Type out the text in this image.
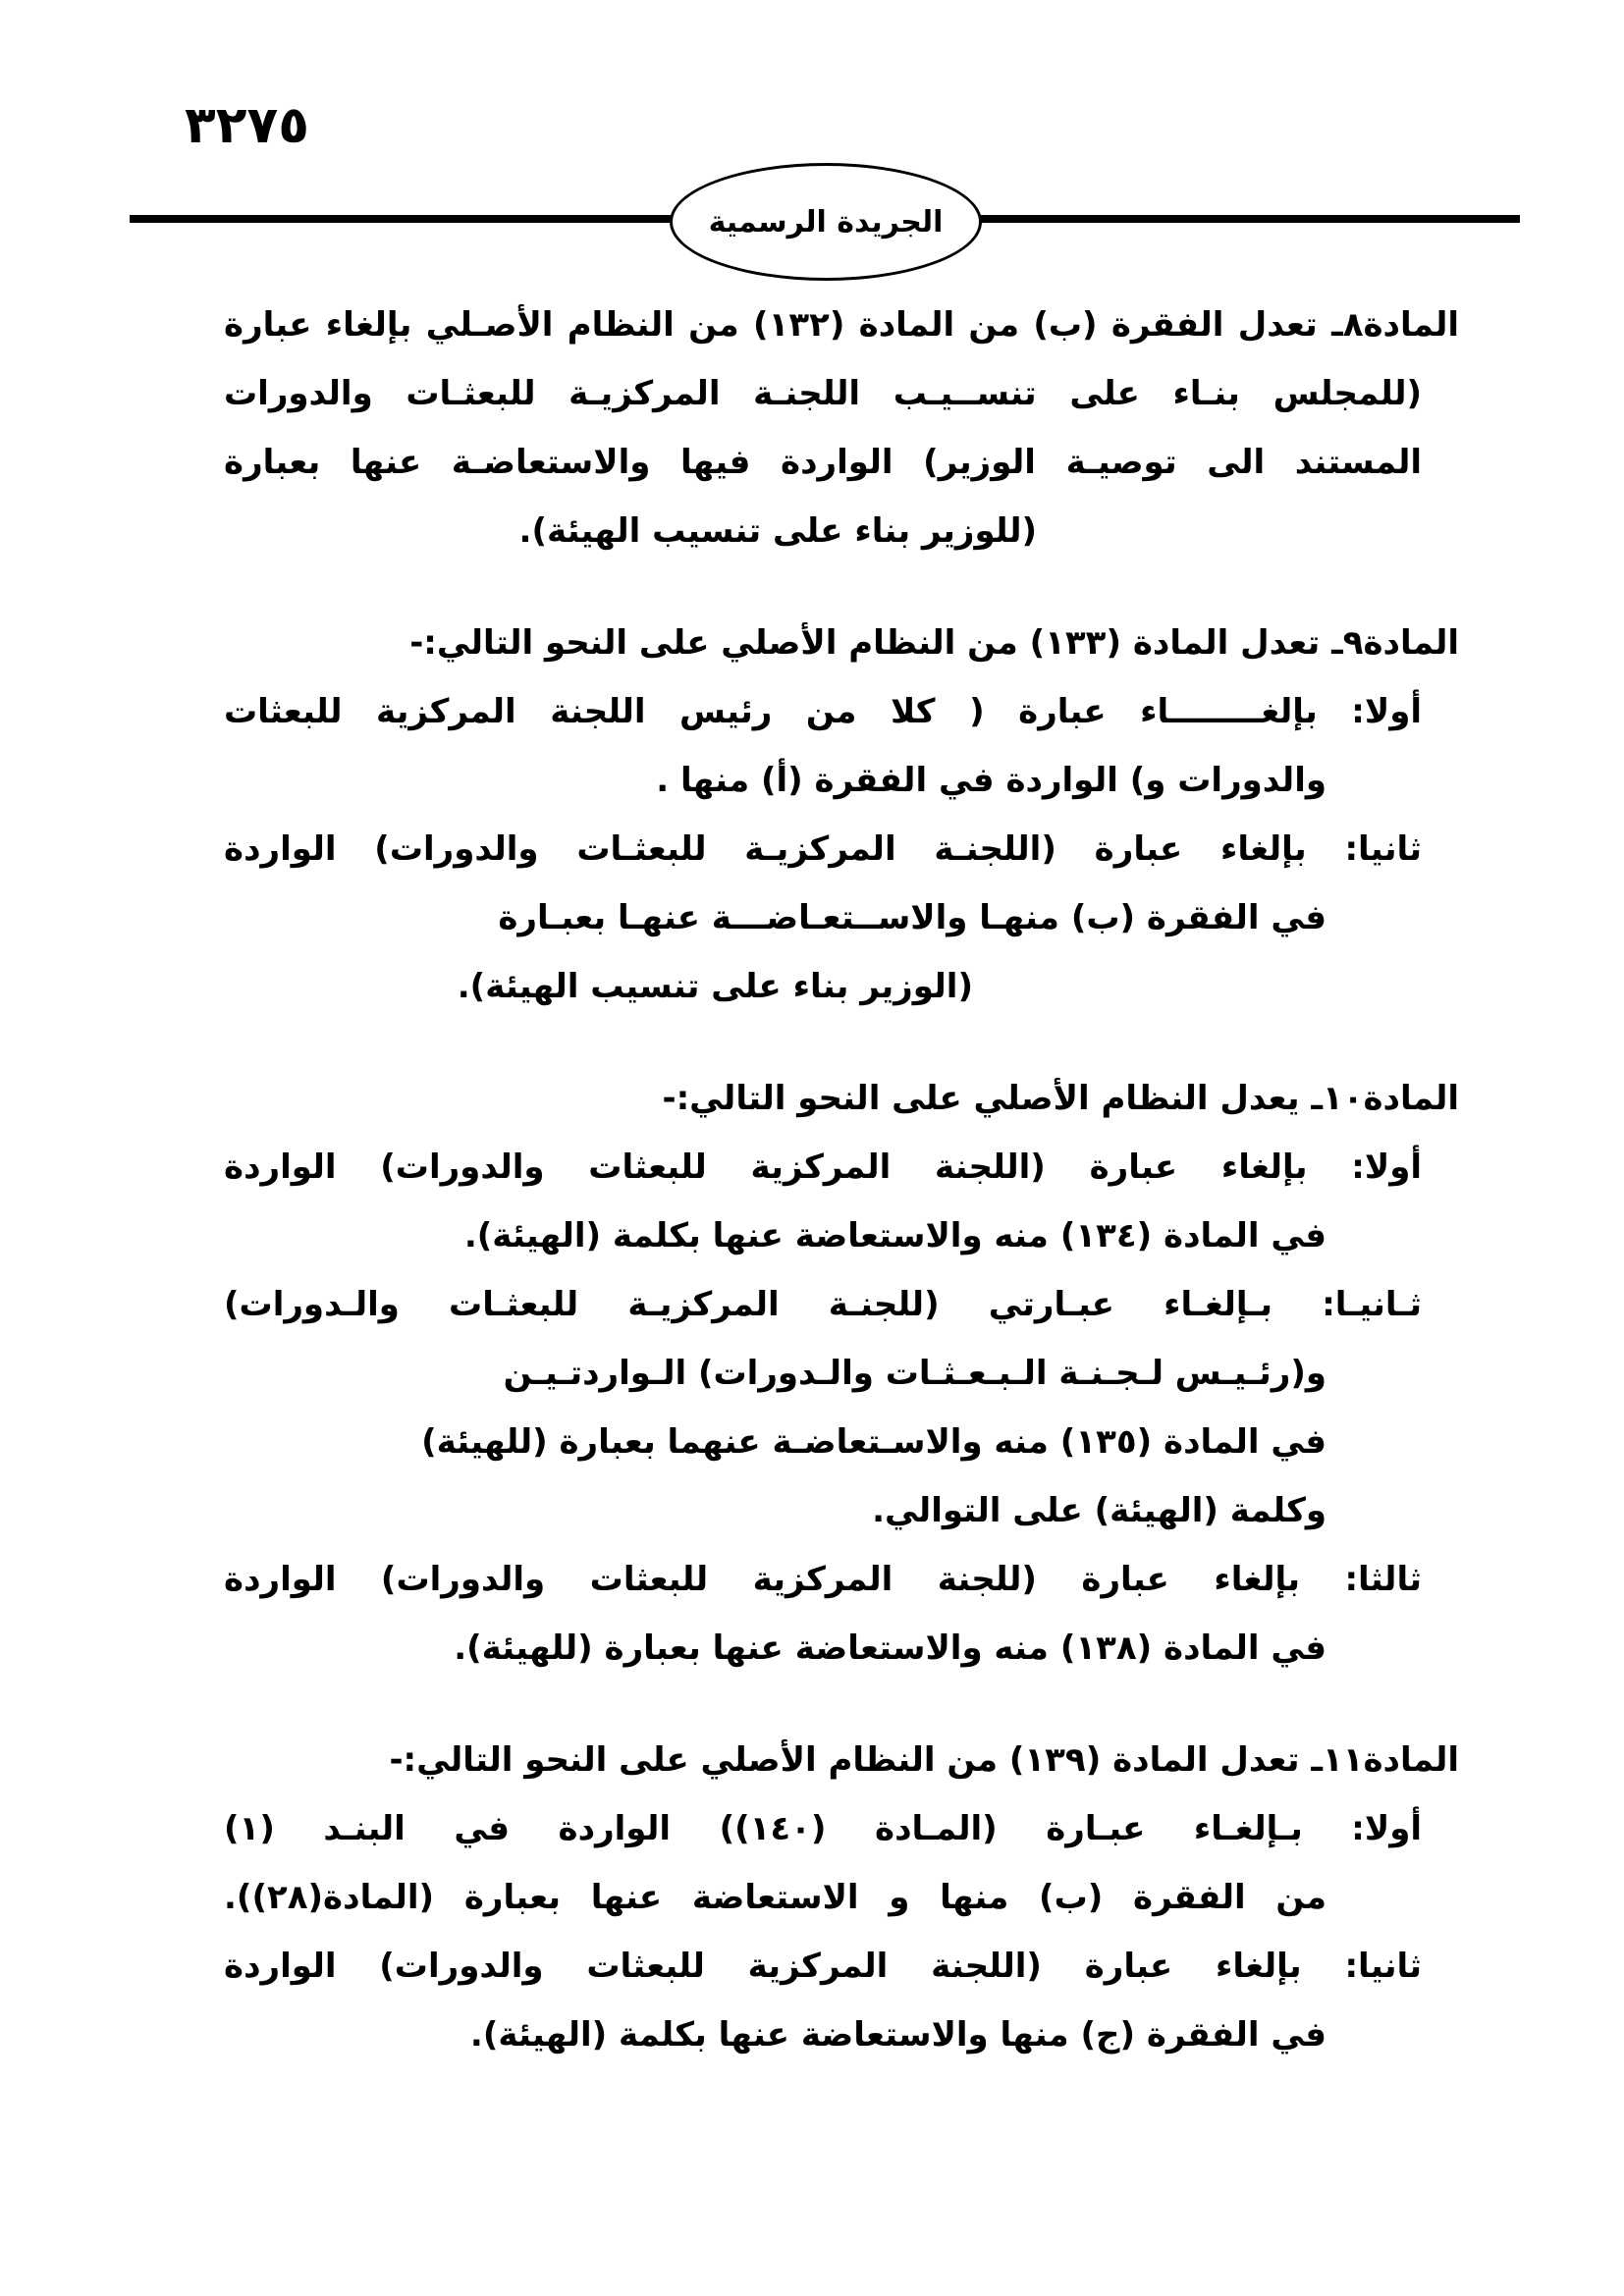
٣٢٧٥
الجريدة الرسمية
المادة٨ـ تعدل الفقرة (ب) من المادة (١٣٢) من النظام الأصـلي بإلغاء عبارة
(للمجلس بنـاء على تنســيـب اللجنـة المركزيـة للبعثـات والدورات
المستند الى توصيـة الوزير) الواردة فيها والاستعاضـة عنها بعبارة
(للوزير بناء على تنسيب الهيئة).
المادة٩ـ تعدل المادة (١٣٣) من النظام الأصلي على النحو التالي:-
أولا: بإلغــــــــاء عبارة ( كلا من رئيس اللجنة المركزية للبعثات
والدورات و) الواردة في الفقرة (أ) منها .
ثانيا: بإلغاء عبارة (اللجنـة المركزيـة للبعثـات والدورات) الواردة
في الفقرة (ب) منهـا والاســتعـاضـــة عنهـا بعبـارة
(الوزير بناء على تنسيب الهيئة).
المادة١٠ـ يعدل النظام الأصلي على النحو التالي:-
أولا: بإلغاء عبارة (اللجنة المركزية للبعثات والدورات) الواردة
في المادة (١٣٤) منه والاستعاضة عنها بكلمة (الهيئة).
ثـانيـا: بـإلغـاء عبـارتي (للجنـة المركزيـة للبعثـات والـدورات)
و(رئـيـس لـجـنـة الـبـعـثـات والـدورات) الـواردتـيـن
في المادة (١٣٥) منه والاسـتعاضـة عنهما بعبارة (للهيئة)
وكلمة (الهيئة) على التوالي.
ثالثا: بإلغاء عبارة (للجنة المركزية للبعثات والدورات) الواردة
في المادة (١٣٨) منه والاستعاضة عنها بعبارة (للهيئة).
المادة١١ـ تعدل المادة (١٣٩) من النظام الأصلي على النحو التالي:-
أولا: بـإلغـاء عبـارة (المـادة (١٤٠)) الواردة في البنـد (١)
من الفقرة (ب) منها و الاستعاضة عنها بعبارة (المادة(٢٨)).
ثانيا: بإلغاء عبارة (اللجنة المركزية للبعثات والدورات) الواردة
في الفقرة (ج) منها والاستعاضة عنها بكلمة (الهيئة).
